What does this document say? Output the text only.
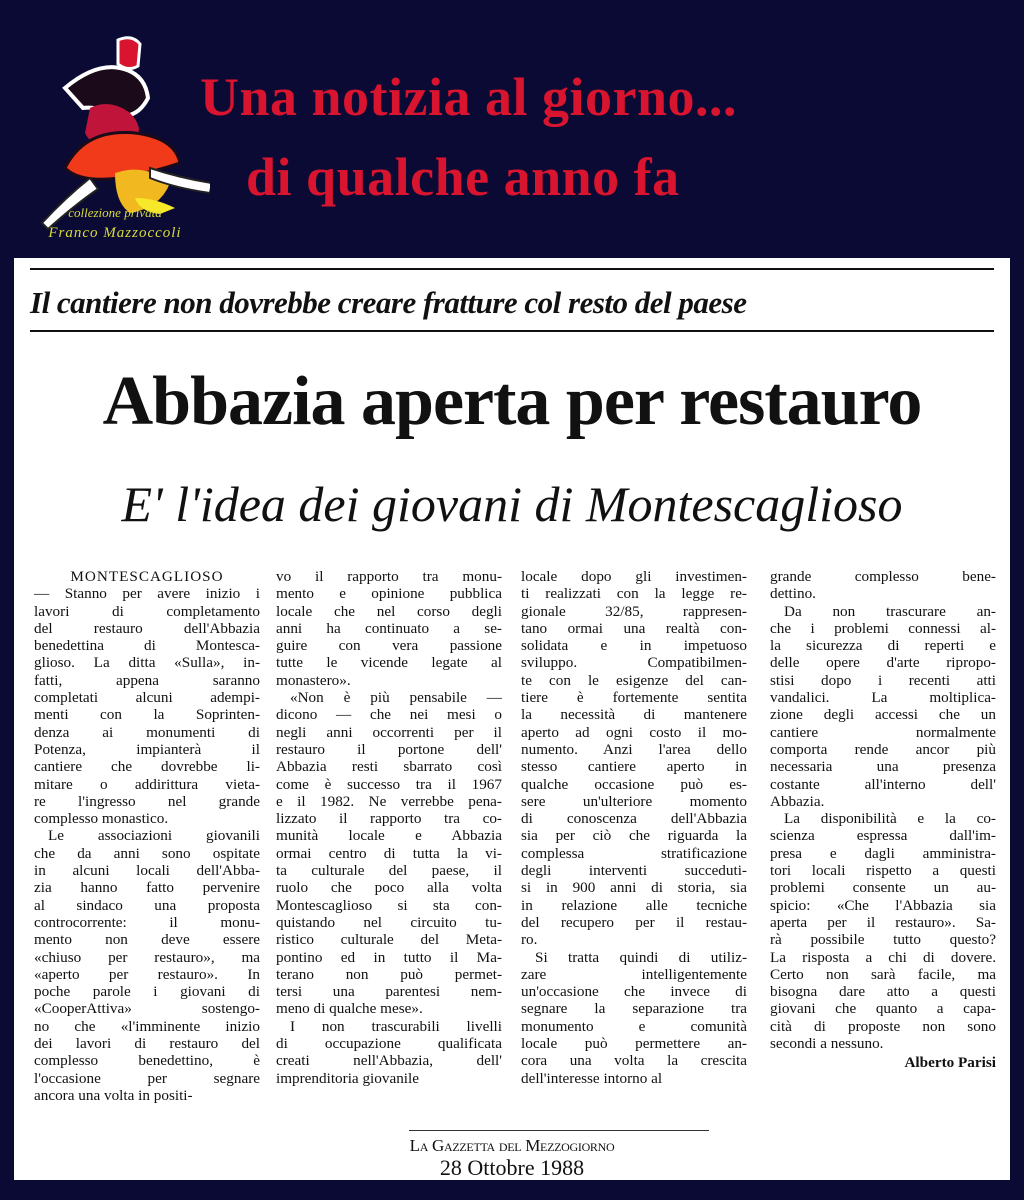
collezione privata
Franco Mazzoccoli
Una notizia al giorno...
di qualche anno fa
Il cantiere non dovrebbe creare fratture col resto del paese
Abbazia aperta per restauro
E' l'idea dei giovani di Montescaglioso
MONTESCAGLIOSO
— Stanno per avere inizio i
lavori di completamento
del restauro dell'Abbazia
benedettina di Montesca-
glioso. La ditta «Sulla», in-
fatti, appena saranno
completati alcuni adempi-
menti con la Soprinten-
denza ai monumenti di
Potenza, impianterà il
cantiere che dovrebbe li-
mitare o addirittura vieta-
re l'ingresso nel grande
complesso monastico.
Le associazioni giovanili
che da anni sono ospitate
in alcuni locali dell'Abba-
zia hanno fatto pervenire
al sindaco una proposta
controcorrente: il monu-
mento non deve essere
«chiuso per restauro», ma
«aperto per restauro». In
poche parole i giovani di
«CooperAttiva» sostengo-
no che «l'imminente inizio
dei lavori di restauro del
complesso benedettino, è
l'occasione per segnare
ancora una volta in positi-
vo il rapporto tra monu-
mento e opinione pubblica
locale che nel corso degli
anni ha continuato a se-
guire con vera passione
tutte le vicende legate al
monastero».
«Non è più pensabile —
dicono — che nei mesi o
negli anni occorrenti per il
restauro il portone dell'
Abbazia resti sbarrato così
come è successo tra il 1967
e il 1982. Ne verrebbe pena-
lizzato il rapporto tra co-
munità locale e Abbazia
ormai centro di tutta la vi-
ta culturale del paese, il
ruolo che poco alla volta
Montescaglioso si sta con-
quistando nel circuito tu-
ristico culturale del Meta-
pontino ed in tutto il Ma-
terano non può permet-
tersi una parentesi nem-
meno di qualche mese».
I non trascurabili livelli
di occupazione qualificata
creati nell'Abbazia, dell'
imprenditoria giovanile
locale dopo gli investimen-
ti realizzati con la legge re-
gionale 32/85, rappresen-
tano ormai una realtà con-
solidata e in impetuoso
sviluppo. Compatibilmen-
te con le esigenze del can-
tiere è fortemente sentita
la necessità di mantenere
aperto ad ogni costo il mo-
numento. Anzi l'area dello
stesso cantiere aperto in
qualche occasione può es-
sere un'ulteriore momento
di conoscenza dell'Abbazia
sia per ciò che riguarda la
complessa stratificazione
degli interventi succeduti-
si in 900 anni di storia, sia
in relazione alle tecniche
del recupero per il restau-
ro.
Si tratta quindi di utiliz-
zare intelligentemente
un'occasione che invece di
segnare la separazione tra
monumento e comunità
locale può permettere an-
cora una volta la crescita
dell'interesse intorno al
grande complesso bene-
dettino.
Da non trascurare an-
che i problemi connessi al-
la sicurezza di reperti e
delle opere d'arte ripropo-
stisi dopo i recenti atti
vandalici. La moltiplica-
zione degli accessi che un
cantiere normalmente
comporta rende ancor più
necessaria una presenza
costante all'interno dell'
Abbazia.
La disponibilità e la co-
scienza espressa dall'im-
presa e dagli amministra-
tori locali rispetto a questi
problemi consente un au-
spicio: «Che l'Abbazia sia
aperta per il restauro». Sa-
rà possibile tutto questo?
La risposta a chi di dovere.
Certo non sarà facile, ma
bisogna dare atto a questi
giovani che quanto a capa-
cità di proposte non sono
secondi a nessuno.
Alberto Parisi
La Gazzetta del Mezzogiorno
28 Ottobre 1988
